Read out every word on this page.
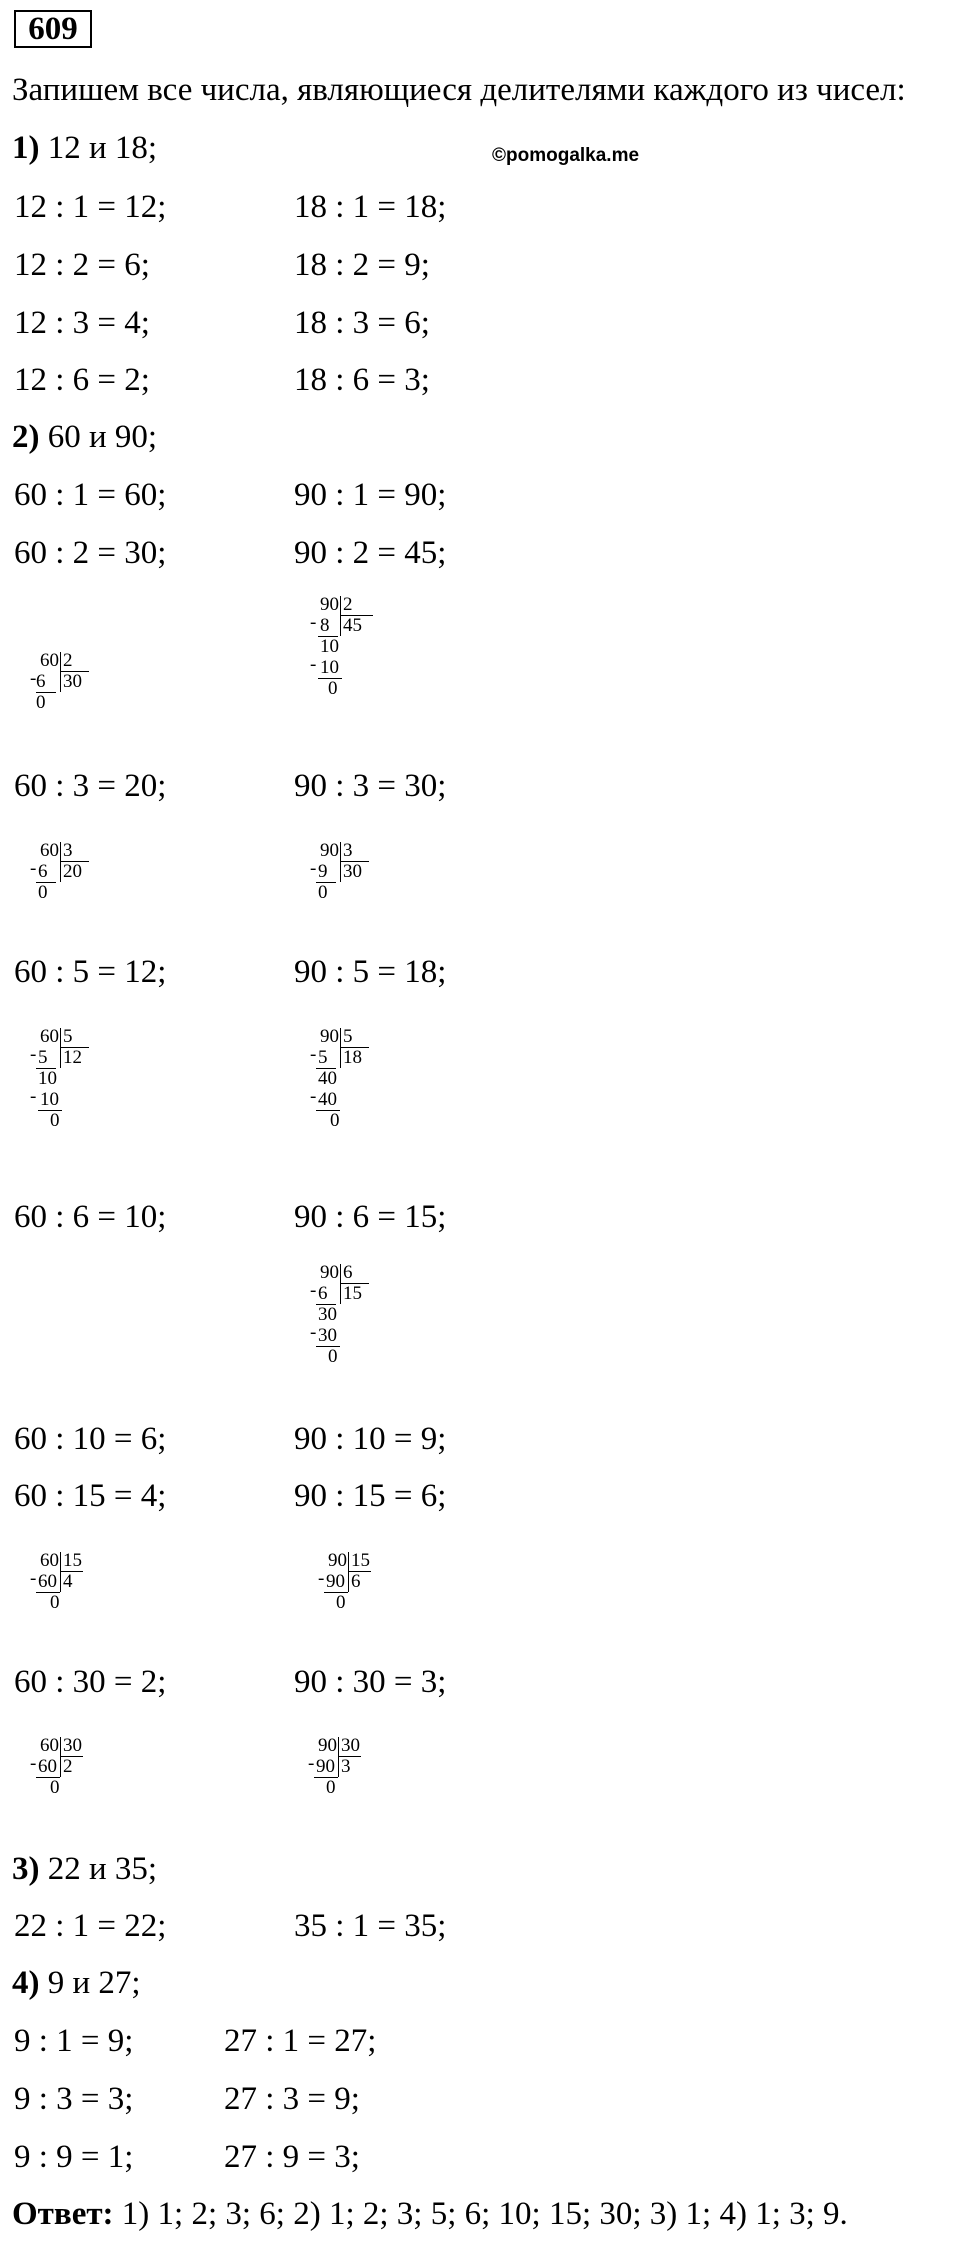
609
Запишем все числа, являющиеся делителями каждого из чисел:
©pomogalka.me
1) 12 и 18;
12 : 1 = 12;	18 : 1 = 18;
12 : 2 = 6;	18 : 2 = 9;
12 : 3 = 4;	18 : 3 = 6;
12 : 6 = 2;	18 : 6 = 3;
2) 60 и 90;
60 : 1 = 60;	90 : 1 = 90;
60 : 2 = 30;	90 : 2 = 45;
60 2
30
- 6
0
90 2
45
- 8
10
- 10
0
60 : 3 = 20;	90 : 3 = 30;
60 3
20
- 6
0
90 3
30
- 9
0
60 : 5 = 12;	90 : 5 = 18;
60 5
12
- 5
10
- 10
0
90 5
18
- 5
40
- 40
0
60 : 6 = 10;	90 : 6 = 15;
90 6
15
- 6
30
- 30
0
60 : 10 = 6;	90 : 10 = 9;
60 : 15 = 4;	90 : 15 = 6;
60 15
4
- 60
0
90 15
6
- 90
0
60 : 30 = 2;	90 : 30 = 3;
60 30
2
- 60
0
90 30
3
- 90
0
3) 22 и 35;
22 : 1 = 22;	35 : 1 = 35;
4) 9 и 27;
9 : 1 = 9;	27 : 1 = 27;
9 : 3 = 3;	27 : 3 = 9;
9 : 9 = 1;	27 : 9 = 3;
Ответ: 1) 1; 2; 3; 6; 2) 1; 2; 3; 5; 6; 10; 15; 30; 3) 1; 4) 1; 3; 9.
